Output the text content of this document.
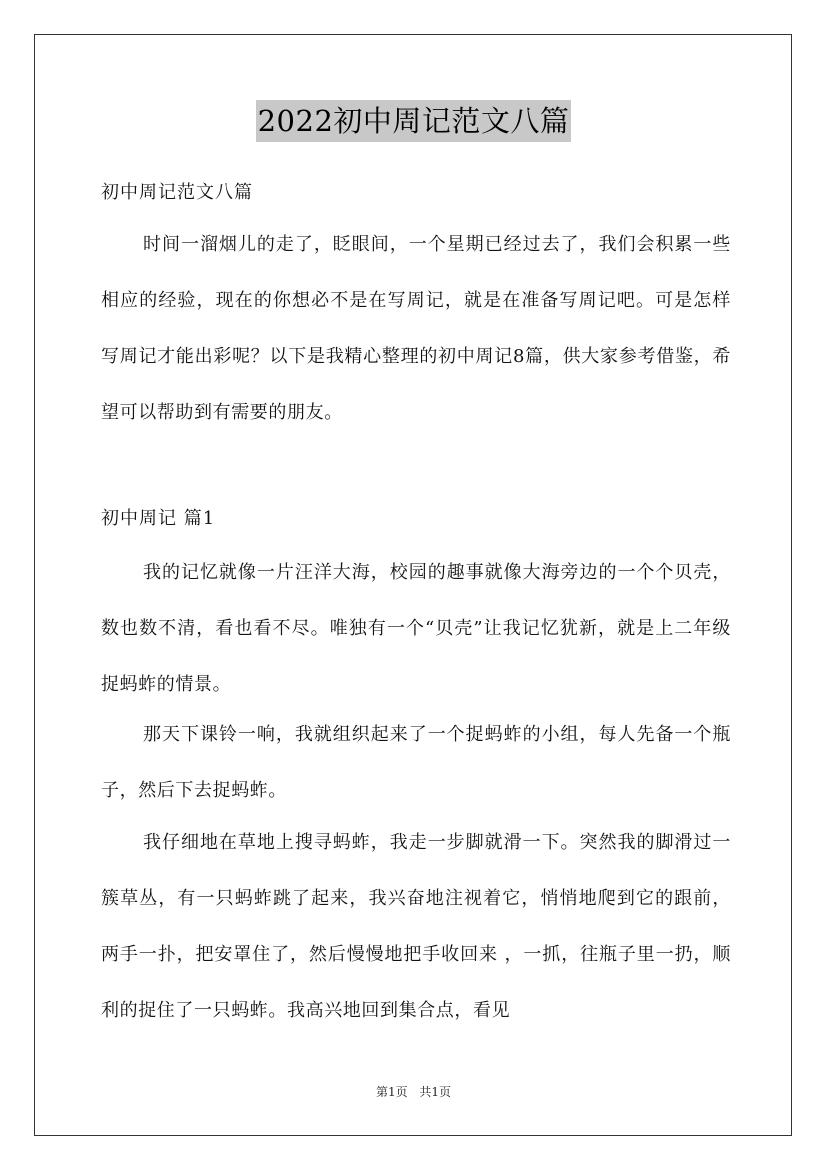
2022初中周记范文八篇
初中周记范文八篇

时间一溜烟儿的走了，眨眼间，一个星期已经过去了，我们会积累一些相应的经验，现在的你想必不是在写周记，就是在准备写周记吧。可是怎样写周记才能出彩呢？以下是我精心整理的初中周记8篇，供大家参考借鉴，希望可以帮助到有需要的朋友。

初中周记 篇1

我的记忆就像一片汪洋大海，校园的趣事就像大海旁边的一个个贝壳，数也数不清，看也看不尽。唯独有一个“贝壳”让我记忆犹新，就是上二年级捉蚂蚱的情景。

那天下课铃一响，我就组织起来了一个捉蚂蚱的小组，每人先备一个瓶子，然后下去捉蚂蚱。

我仔细地在草地上搜寻蚂蚱，我走一步脚就滑一下。突然我的脚滑过一簇草丛，有一只蚂蚱跳了起来，我兴奋地注视着它，悄悄地爬到它的跟前，两手一扑，把安罩住了，然后慢慢地把手收回来 ，一抓，往瓶子里一扔，顺利的捉住了一只蚂蚱。我高兴地回到集合点，看见

第1页 共1页
